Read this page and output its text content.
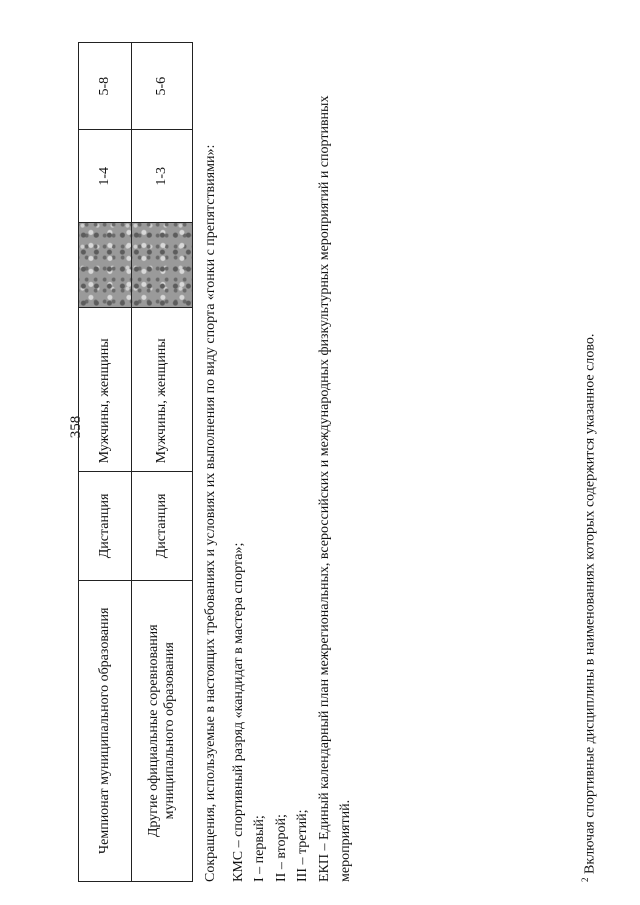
358
Чемпионат муниципального образования	Дистанция	Мужчины, женщины		1-4	5-8
Другие официальные соревнования муниципального образования	Дистанция	Мужчины, женщины		1-3	5-6

Сокращения, используемые в настоящих требованиях и условиях их выполнения по виду спорта «гонки с препятствиями»: КМС – спортивный разряд «кандидат в мастера спорта»; I – первый; II – второй; III – третий; ЕКП – Единый календарный план межрегиональных, всероссийских и международных физкультурных мероприятий и спортивных мероприятий.	$^2$ Включая спортивные дисциплины в наименованиях которых содержится указанное слово.
